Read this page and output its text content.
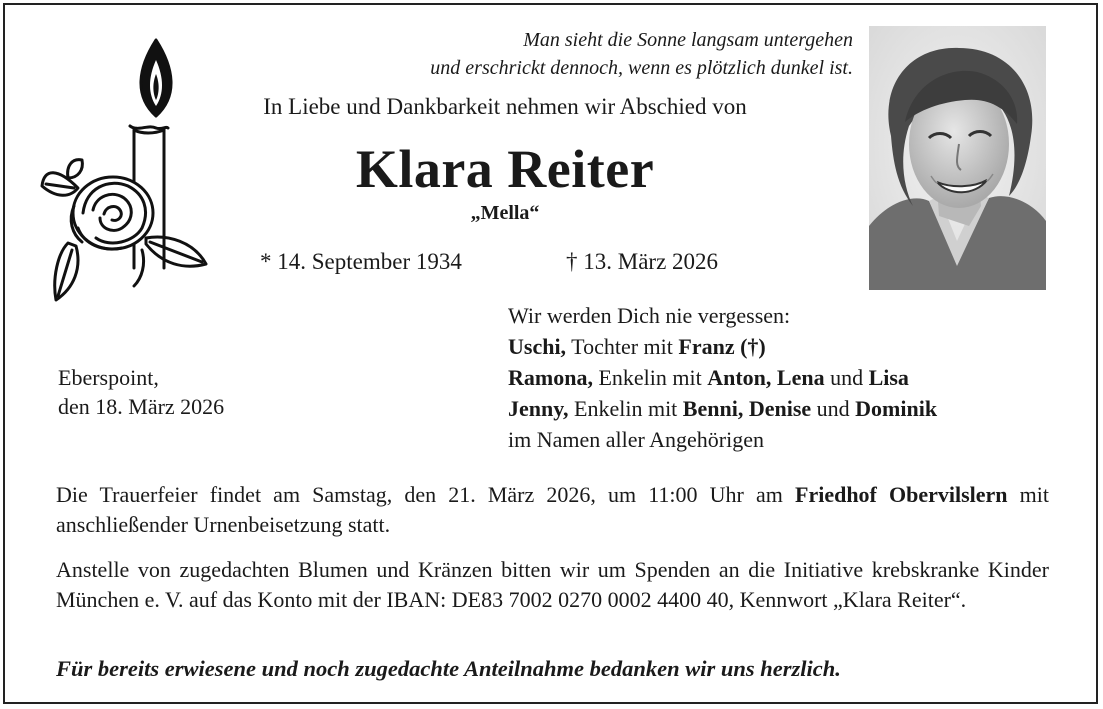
Man sieht die Sonne langsam untergehen
und erschrickt dennoch, wenn es plötzlich dunkel ist.
In Liebe und Dankbarkeit nehmen wir Abschied von
Klara Reiter
„Mella“
* 14. September 1934	† 13. März 2026
Eberspoint,
den 18. März 2026
Wir werden Dich nie vergessen:
Uschi, Tochter mit Franz (†)
Ramona, Enkelin mit Anton, Lena und Lisa
Jenny, Enkelin mit Benni, Denise und Dominik
im Namen aller Angehörigen
Die Trauerfeier findet am Samstag, den 21. März 2026, um 11:00 Uhr am Friedhof Obervilslern mit anschließender Urnenbeisetzung statt.
Anstelle von zugedachten Blumen und Kränzen bitten wir um Spenden an die Initiative krebskranke Kinder München e. V. auf das Konto mit der IBAN: DE83 7002 0270 0002 4400 40, Kennwort „Klara Reiter“.
Für bereits erwiesene und noch zugedachte Anteilnahme bedanken wir uns herzlich.
